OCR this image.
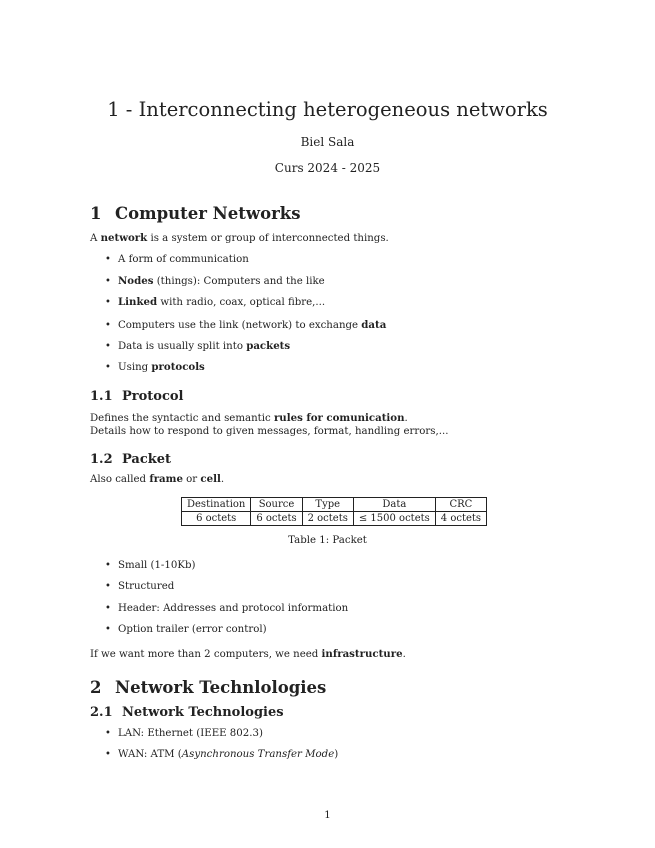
1 - Interconnecting heterogeneous networks
Biel Sala
Curs 2024 - 2025
1 Computer Networks
A network is a system or group of interconnected things.
• A form of communication
• Nodes (things): Computers and the like
• Linked with radio, coax, optical fibre,...
• Computers use the link (network) to exchange data
• Data is usually split into packets
• Using protocols
1.1 Protocol
Defines the syntactic and semantic rules for comunication.
Details how to respond to given messages, format, handling errors,...
1.2 Packet
Also called frame or cell.
Destination	Source	Type	Data	CRC
6 octets	6 octets	2 octets	≤ 1500 octets	4 octets
Table 1: Packet
• Small (1-10Kb)
• Structured
• Header: Addresses and protocol information
• Option trailer (error control)
If we want more than 2 computers, we need infrastructure.
2 Network Technlologies
2.1 Network Technologies
• LAN: Ethernet (IEEE 802.3)
• WAN: ATM (Asynchronous Transfer Mode)
1
